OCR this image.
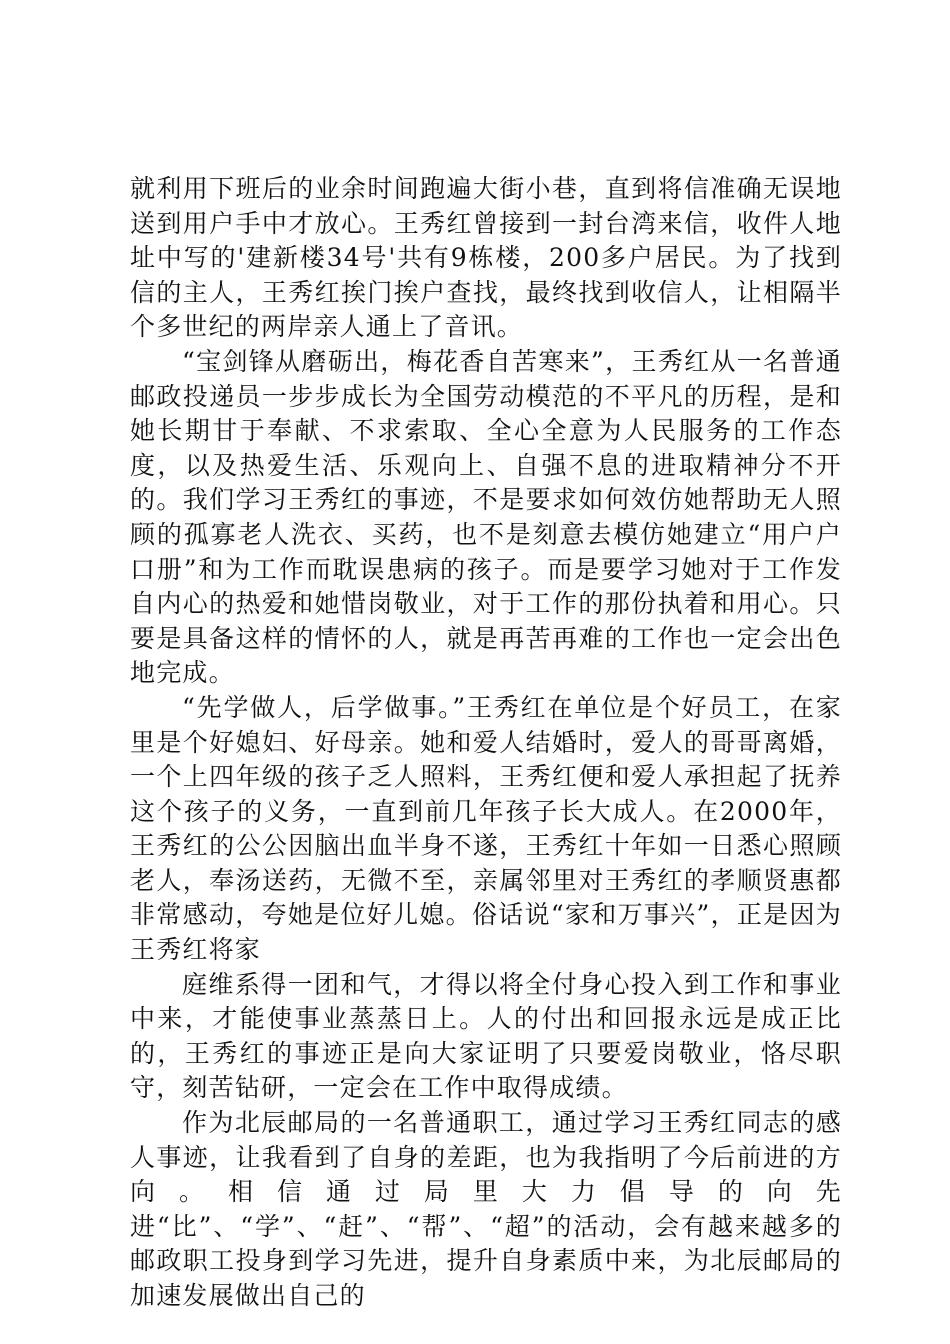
就利用下班后的业余时间跑遍大街小巷，直到将信准确无误地送到用户手中才放心。王秀红曾接到一封台湾来信，收件人地址中写的'建新楼34号'共有9栋楼，200多户居民。为了找到信的主人，王秀红挨门挨户查找，最终找到收信人，让相隔半个多世纪的两岸亲人通上了音讯。

“宝剑锋从磨砺出，梅花香自苦寒来”，王秀红从一名普通邮政投递员一步步成长为全国劳动模范的不平凡的历程，是和她长期甘于奉献、不求索取、全心全意为人民服务的工作态度，以及热爱生活、乐观向上、自强不息的进取精神分不开的。我们学习王秀红的事迹，不是要求如何效仿她帮助无人照顾的孤寡老人洗衣、买药，也不是刻意去模仿她建立“用户户口册”和为工作而耽误患病的孩子。而是要学习她对于工作发自内心的热爱和她惜岗敬业，对于工作的那份执着和用心。只要是具备这样的情怀的人，就是再苦再难的工作也一定会出色地完成。

“先学做人，后学做事。”王秀红在单位是个好员工，在家里是个好媳妇、好母亲。她和爱人结婚时，爱人的哥哥离婚，一个上四年级的孩子乏人照料，王秀红便和爱人承担起了抚养这个孩子的义务，一直到前几年孩子长大成人。在2000年，王秀红的公公因脑出血半身不遂，王秀红十年如一日悉心照顾老人，奉汤送药，无微不至，亲属邻里对王秀红的孝顺贤惠都非常感动，夸她是位好儿媳。俗话说“家和万事兴”，正是因为王秀红将家

庭维系得一团和气，才得以将全付身心投入到工作和事业中来，才能使事业蒸蒸日上。人的付出和回报永远是成正比的，王秀红的事迹正是向大家证明了只要爱岗敬业，恪尽职守，刻苦钻研，一定会在工作中取得成绩。

作为北辰邮局的一名普通职工，通过学习王秀红同志的感人事迹，让我看到了自身的差距，也为我指明了今后前进的方向。相信通过局里大力倡导的向先进“比”、“学”、“赶”、“帮”、“超”的活动，会有越来越多的邮政职工投身到学习先进，提升自身素质中来，为北辰邮局的加速发展做出自己的
